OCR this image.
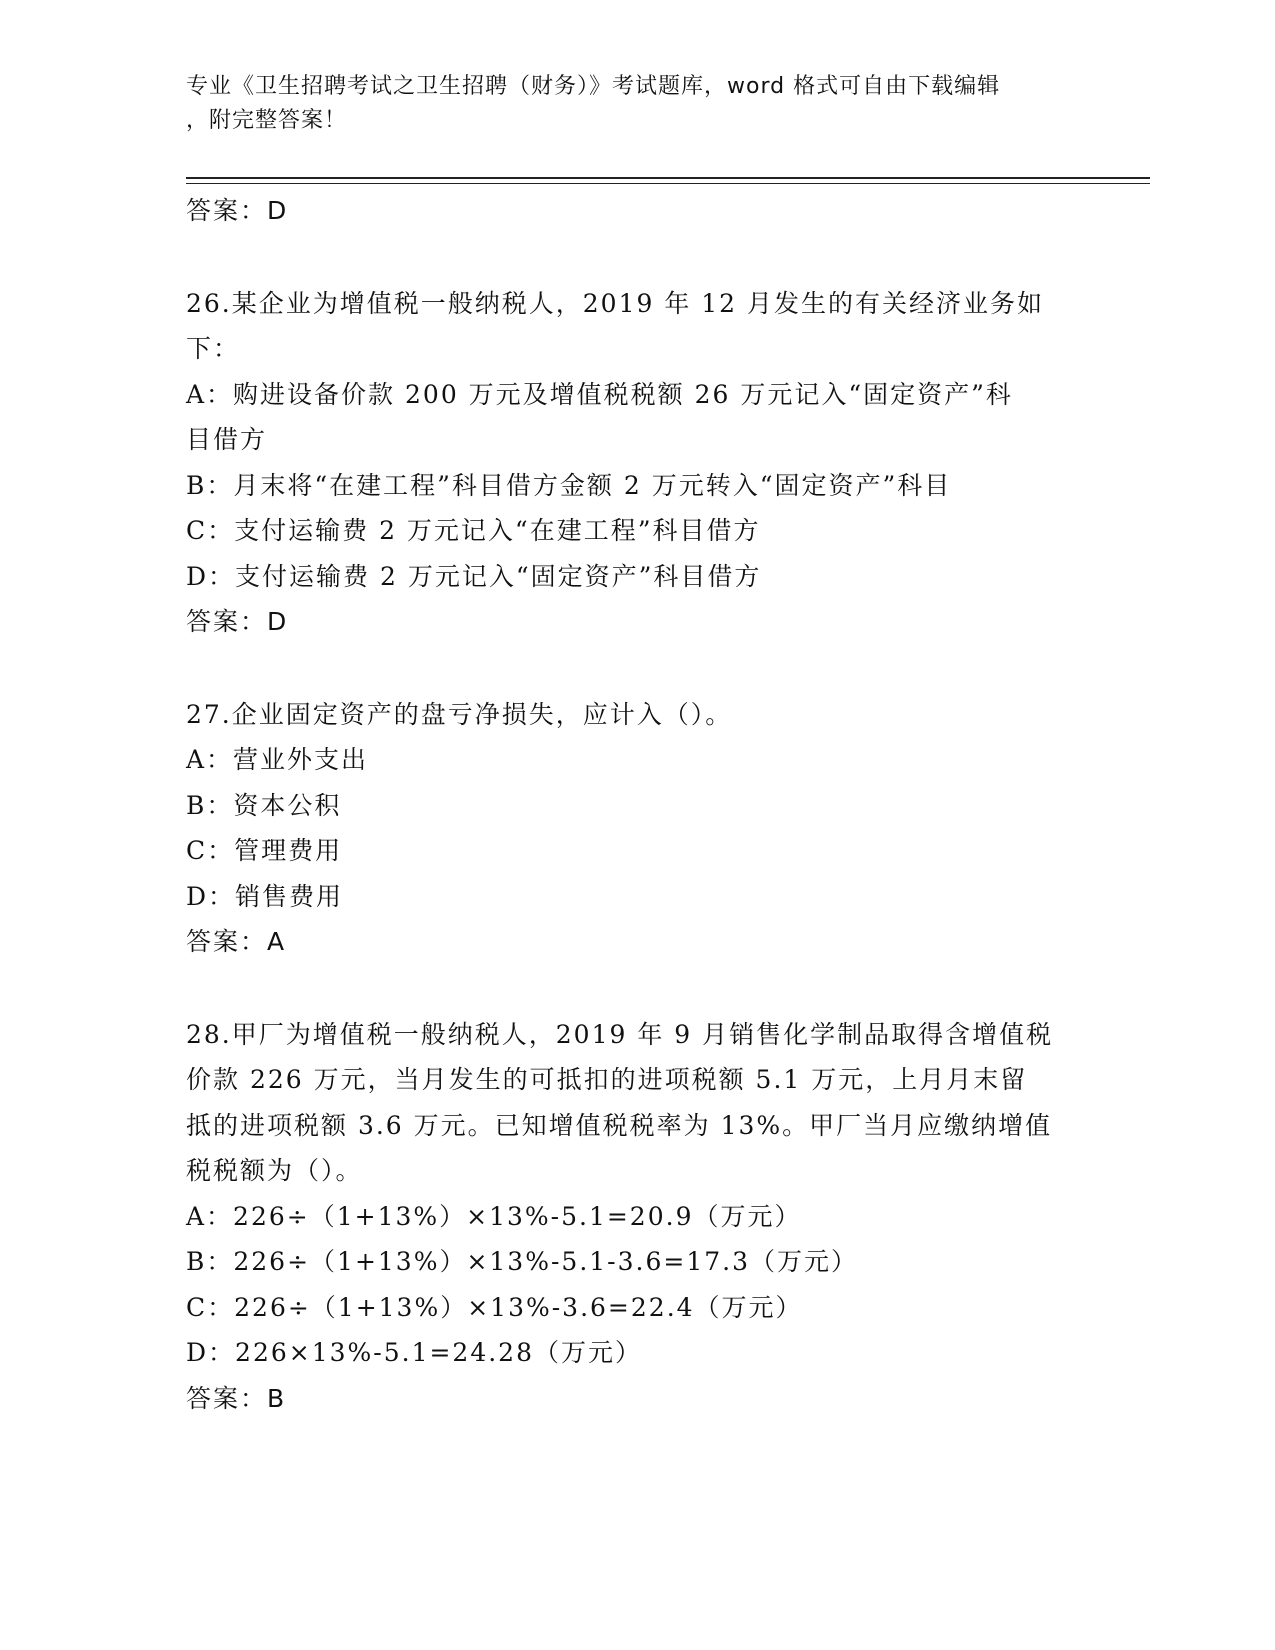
专业《卫生招聘考试之卫生招聘（财务）》考试题库，word 格式可自由下载编辑
，附完整答案！
答案：D
26.某企业为增值税一般纳税人，2019 年 12 月发生的有关经济业务如
下：
A：购进设备价款 200 万元及增值税税额 26 万元记入“固定资产”科
目借方
B：月末将“在建工程”科目借方金额 2 万元转入“固定资产”科目
C：支付运输费 2 万元记入“在建工程”科目借方
D：支付运输费 2 万元记入“固定资产”科目借方
答案：D
27.企业固定资产的盘亏净损失，应计入（）。
A：营业外支出
B：资本公积
C：管理费用
D：销售费用
答案：A
28.甲厂为增值税一般纳税人，2019 年 9 月销售化学制品取得含增值税
价款 226 万元，当月发生的可抵扣的进项税额 5.1 万元，上月月末留
抵的进项税额 3.6 万元。已知增值税税率为 13%。甲厂当月应缴纳增值
税税额为（）。
A：226÷（1+13%）×13%-5.1=20.9（万元）
B：226÷（1+13%）×13%-5.1-3.6=17.3（万元）
C：226÷（1+13%）×13%-3.6=22.4（万元）
D：226×13%-5.1=24.28（万元）
答案：B
